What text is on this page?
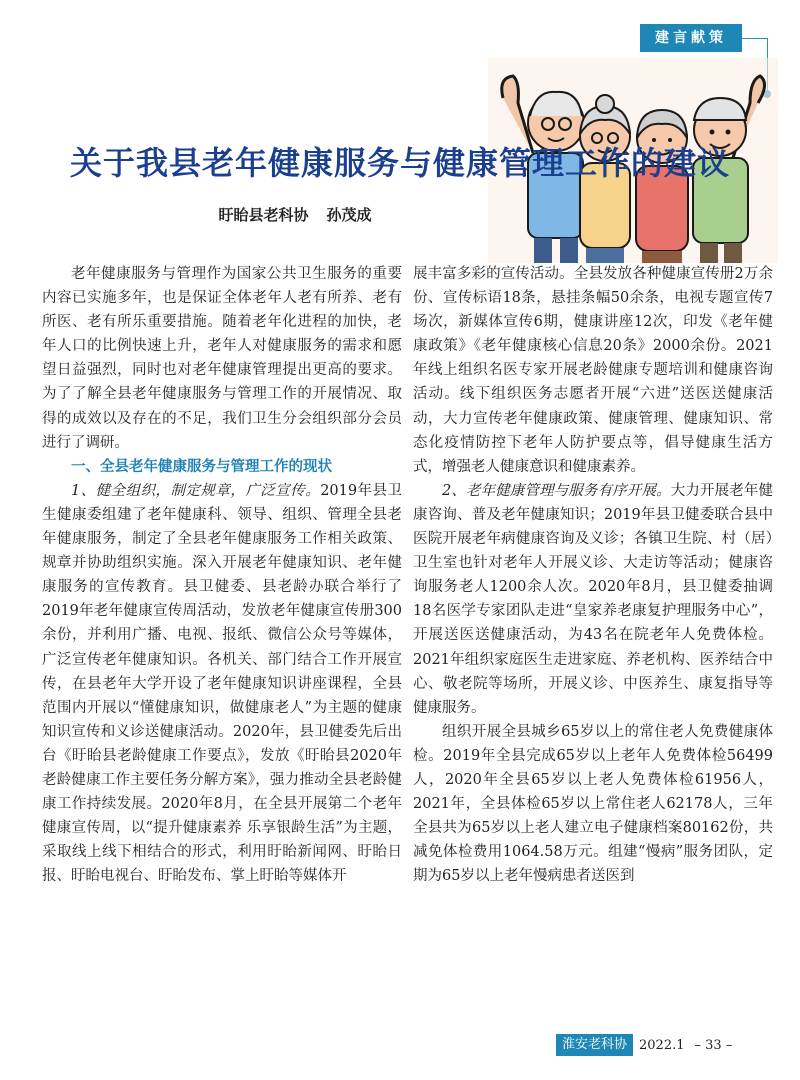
建言献策
关于我县老年健康服务与健康管理工作的建议
盱眙县老科协 孙茂成

老年健康服务与管理作为国家公共卫生服务的重要内容已实施多年，也是保证全体老年人老有所养、老有所医、老有所乐重要措施。随着老年化进程的加快，老年人口的比例快速上升，老年人对健康服务的需求和愿望日益强烈，同时也对老年健康管理提出更高的要求。为了了解全县老年健康服务与管理工作的开展情况、取得的成效以及存在的不足，我们卫生分会组织部分会员进行了调研。

一、全县老年健康服务与管理工作的现状

1、健全组织，制定规章，广泛宣传。2019年县卫生健康委组建了老年健康科、领导、组织、管理全县老年健康服务，制定了全县老年健康服务工作相关政策、规章并协助组织实施。深入开展老年健康知识、老年健康服务的宣传教育。县卫健委、县老龄办联合举行了2019年老年健康宣传周活动，发放老年健康宣传册300余份，并利用广播、电视、报纸、微信公众号等媒体，广泛宣传老年健康知识。各机关、部门结合工作开展宣传，在县老年大学开设了老年健康知识讲座课程，全县范围内开展以“懂健康知识，做健康老人”为主题的健康知识宣传和义诊送健康活动。2020年，县卫健委先后出台《盱眙县老龄健康工作要点》，发放《盱眙县2020年老龄健康工作主要任务分解方案》，强力推动全县老龄健康工作持续发展。2020年8月，在全县开展第二个老年健康宣传周，以“提升健康素养 乐享银龄生活”为主题，采取线上线下相结合的形式，利用盱眙新闻网、盱眙日报、盱眙电视台、盱眙发布、掌上盱眙等媒体开

展丰富多彩的宣传活动。全县发放各种健康宣传册2万余份、宣传标语18条，悬挂条幅50余条，电视专题宣传7场次，新媒体宣传6期，健康讲座12次，印发《老年健康政策》《老年健康核心信息20条》2000余份。2021年线上组织名医专家开展老龄健康专题培训和健康咨询活动。线下组织医务志愿者开展“六进”送医送健康活动，大力宣传老年健康政策、健康管理、健康知识、常态化疫情防控下老年人防护要点等，倡导健康生活方式，增强老人健康意识和健康素养。

2、老年健康管理与服务有序开展。大力开展老年健康咨询、普及老年健康知识；2019年县卫健委联合县中医院开展老年病健康咨询及义诊；各镇卫生院、村（居）卫生室也针对老年人开展义诊、大走访等活动；健康咨询服务老人1200余人次。2020年8月，县卫健委抽调18名医学专家团队走进“皇家养老康复护理服务中心”，开展送医送健康活动，为43名在院老年人免费体检。2021年组织家庭医生走进家庭、养老机构、医养结合中心、敬老院等场所，开展义诊、中医养生、康复指导等健康服务。

组织开展全县城乡65岁以上的常住老人免费健康体检。2019年全县完成65岁以上老年人免费体检56499人，2020年全县65岁以上老人免费体检61956人，2021年，全县体检65岁以上常住老人62178人，三年全县共为65岁以上老人建立电子健康档案80162份，共减免体检费用1064.58万元。组建“慢病”服务团队，定期为65岁以上老年慢病患者送医到

淮安老科协 2022.1 – 33 –
